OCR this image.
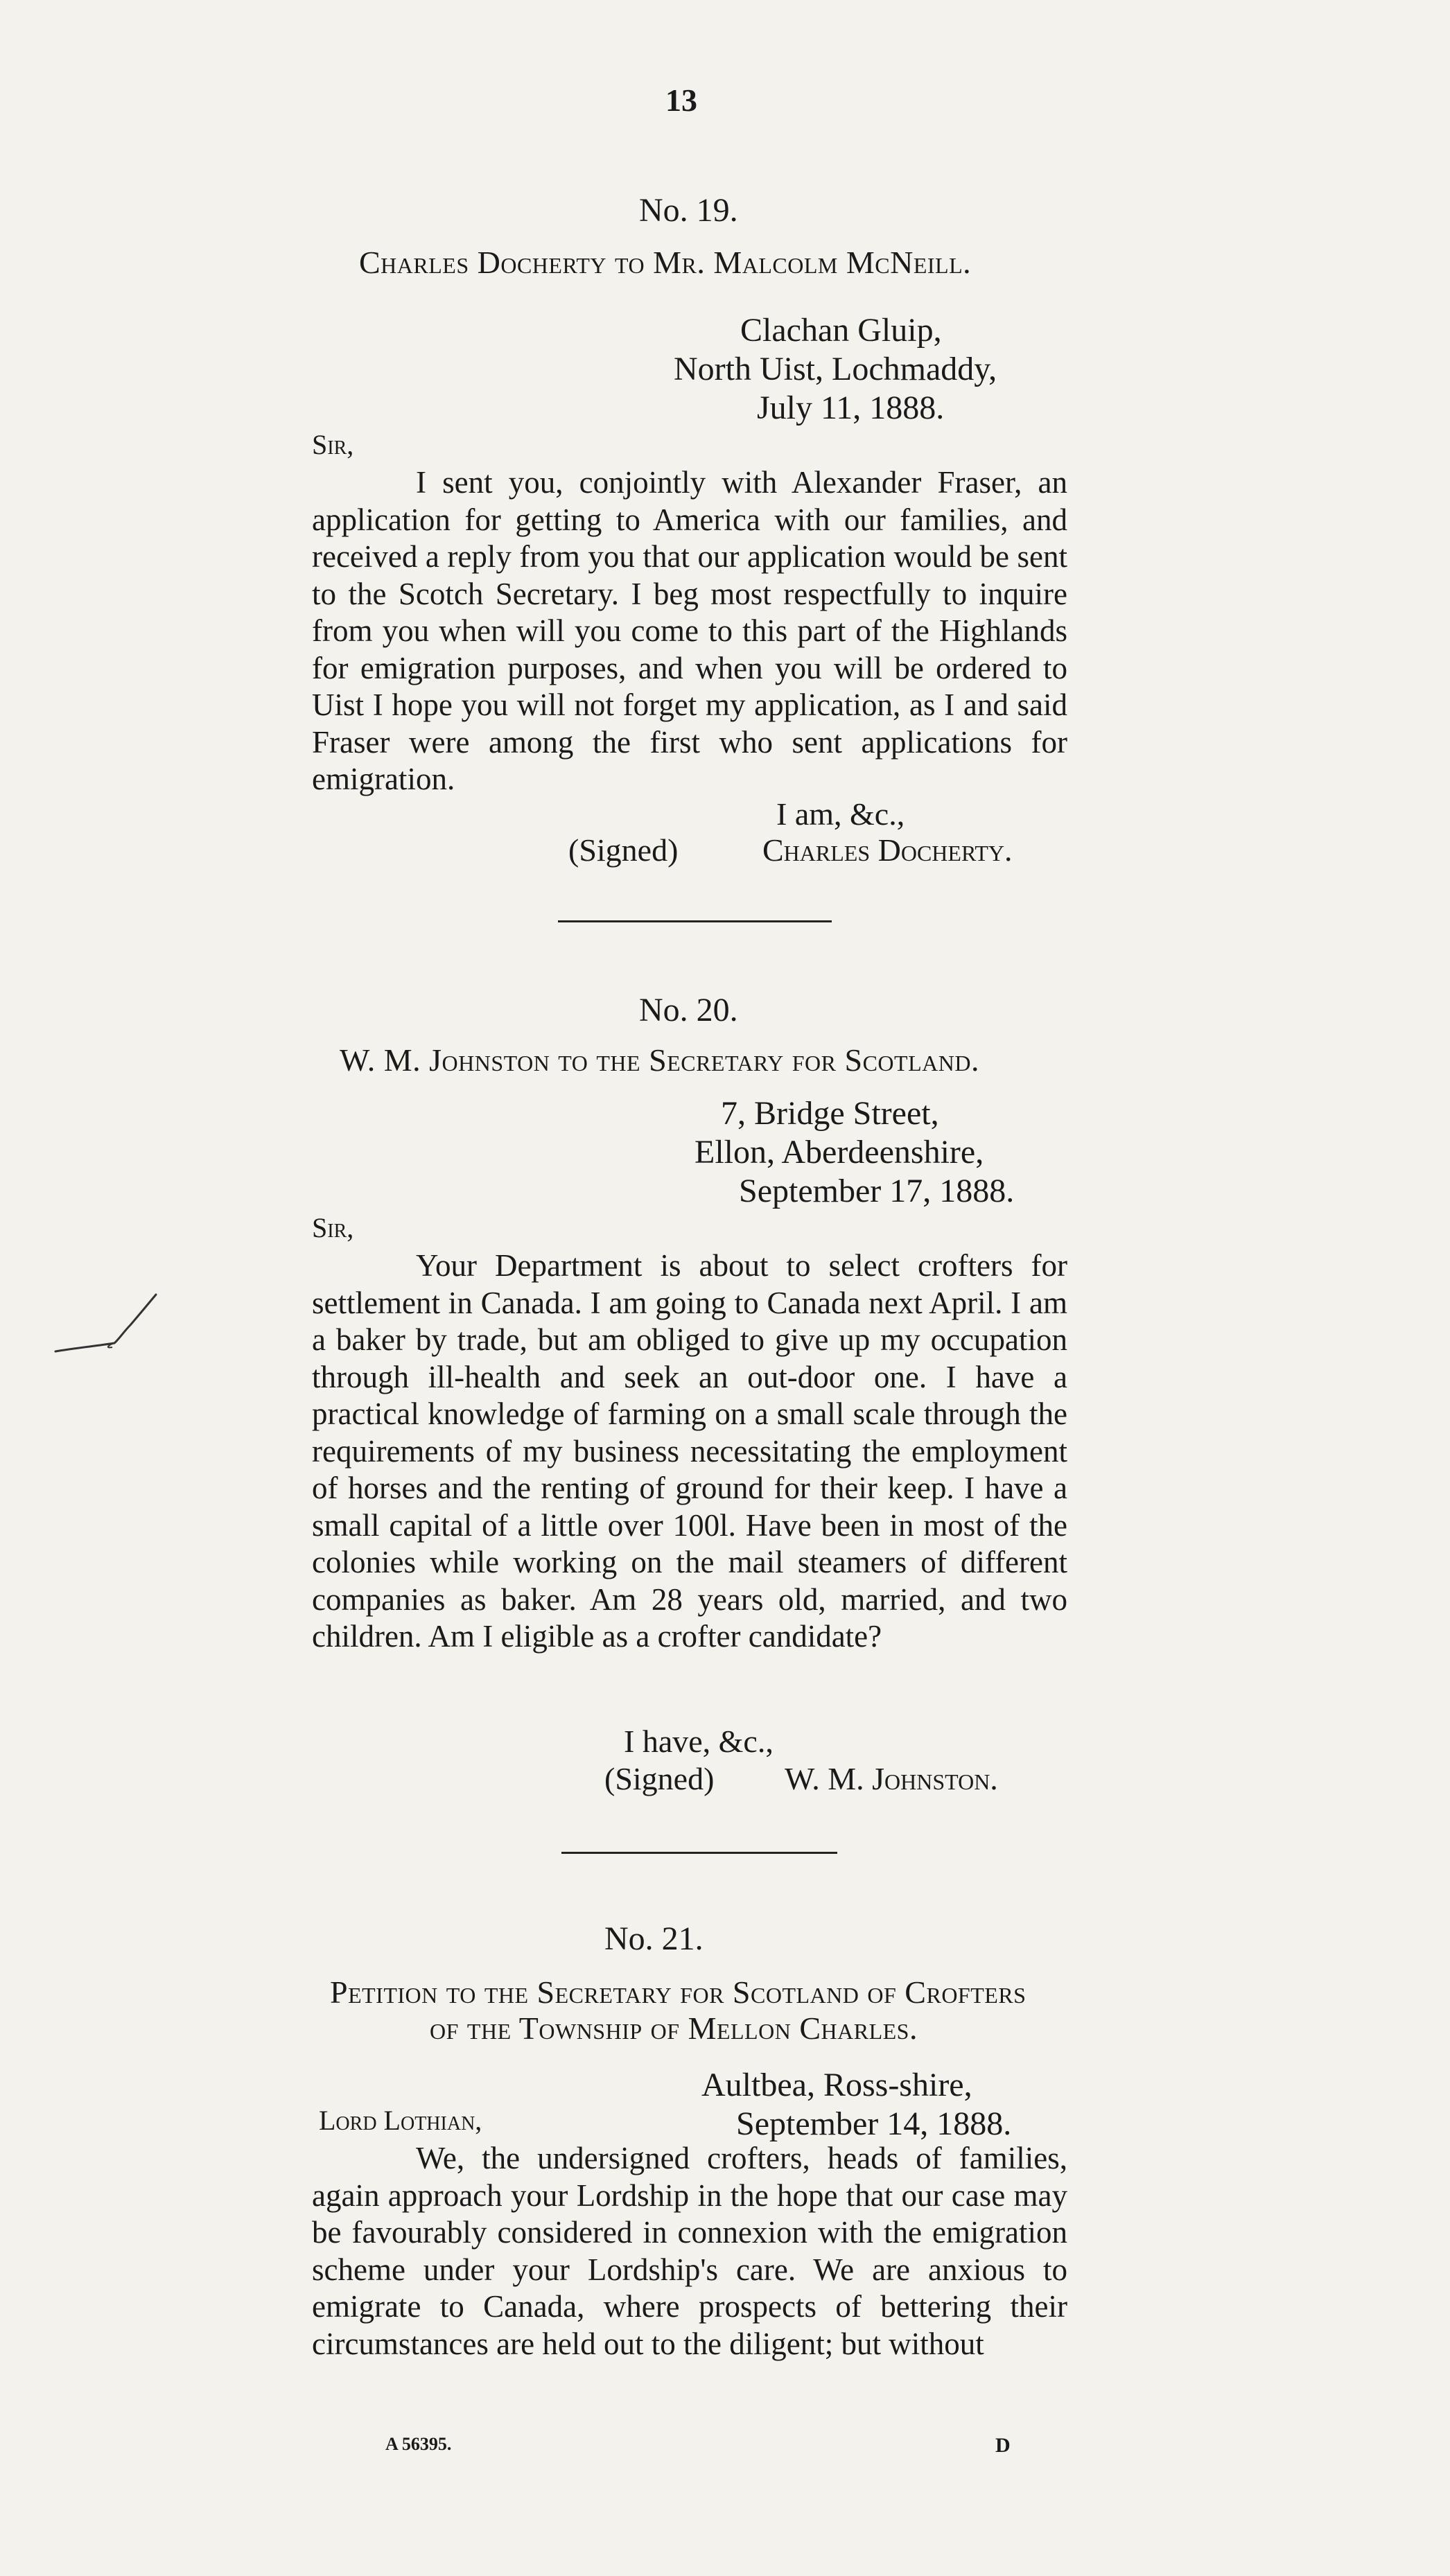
13
No. 19.
Charles Docherty to Mr. Malcolm McNeill.
Clachan Gluip,
North Uist, Lochmaddy,
July 11, 1888.
Sir,

I sent you, conjointly with Alexander Fraser, an application for getting to America with our families, and received a reply from you that our application would be sent to the Scotch Secretary. I beg most respectfully to inquire from you when will you come to this part of the Highlands for emigration purposes, and when you will be ordered to Uist I hope you will not forget my application, as I and said Fraser were among the first who sent applications for emigration.

I am, &c.,
(Signed)	Charles Docherty.
No. 20.
W. M. Johnston to the Secretary for Scotland.
7, Bridge Street,
Ellon, Aberdeenshire,
September 17, 1888.
Sir,

Your Department is about to select crofters for settlement in Canada. I am going to Canada next April. I am a baker by trade, but am obliged to give up my occupation through ill-health and seek an out-door one. I have a practical knowledge of farming on a small scale through the requirements of my business necessitating the employment of horses and the renting of ground for their keep. I have a small capital of a little over 100l. Have been in most of the colonies while working on the mail steamers of different companies as baker. Am 28 years old, married, and two children. Am I eligible as a crofter candidate?

I have, &c.,
(Signed) W. M. Johnston.
No. 21.
Petition to the Secretary for Scotland of Crofters
of the Township of Mellon Charles.
Aultbea, Ross-shire,
Lord Lothian,	September 14, 1888.

We, the undersigned crofters, heads of families, again approach your Lordship in the hope that our case may be favourably considered in connexion with the emigration scheme under your Lordship's care. We are anxious to emigrate to Canada, where prospects of bettering their circumstances are held out to the diligent; but without

A 56395.	D
